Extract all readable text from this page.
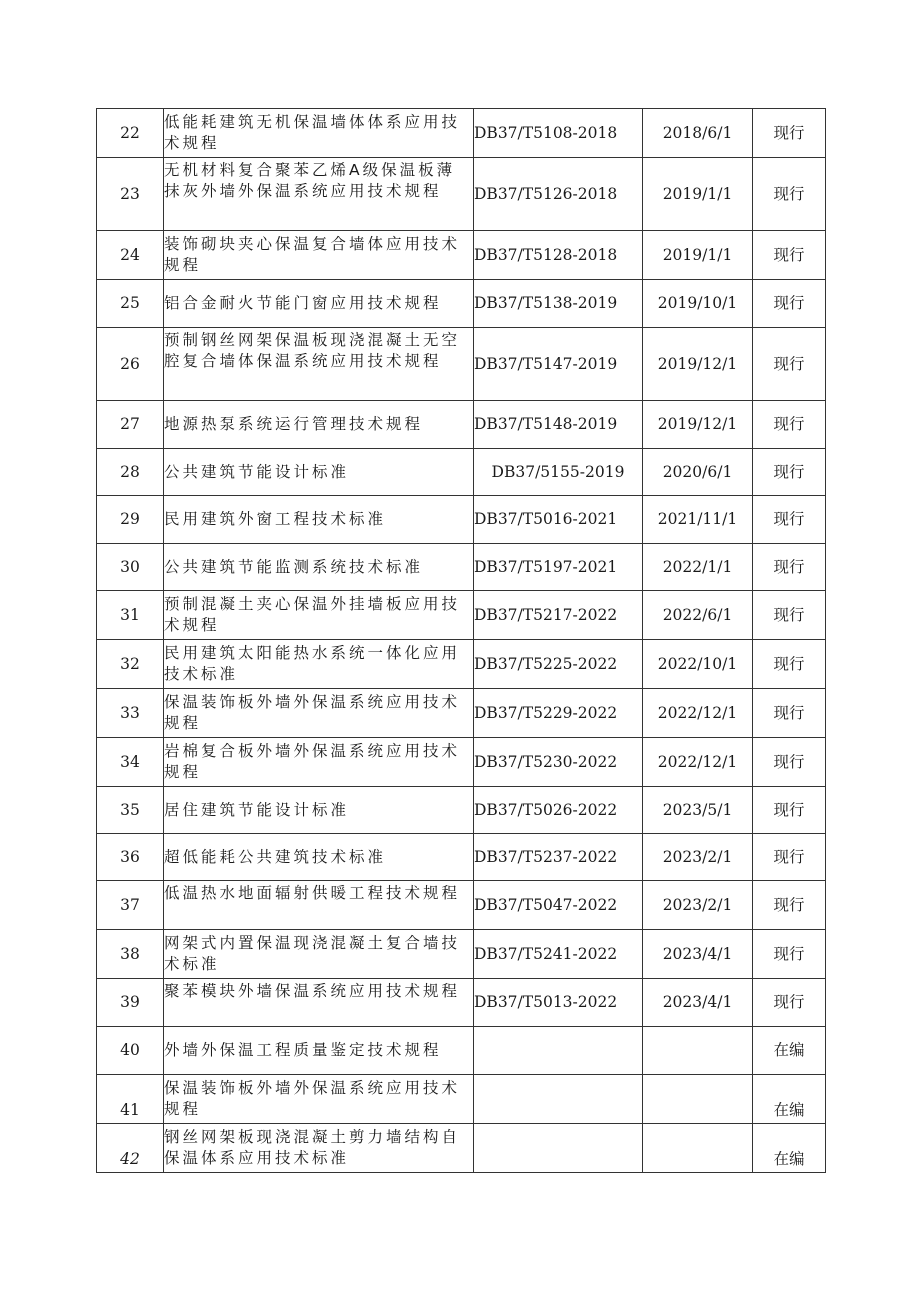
22	低能耗建筑无机保温墙体体系应用技术规程	DB37/T5108-2018	2018/6/1	现行
23	无机材料复合聚苯乙烯A级保温板薄抹灰外墙外保温系统应用技术规程	DB37/T5126-2018	2019/1/1	现行
24	装饰砌块夹心保温复合墙体应用技术规程	DB37/T5128-2018	2019/1/1	现行
25	铝合金耐火节能门窗应用技术规程	DB37/T5138-2019	2019/10/1	现行
26	预制钢丝网架保温板现浇混凝土无空腔复合墙体保温系统应用技术规程	DB37/T5147-2019	2019/12/1	现行
27	地源热泵系统运行管理技术规程	DB37/T5148-2019	2019/12/1	现行
28	公共建筑节能设计标准	DB37/5155-2019	2020/6/1	现行
29	民用建筑外窗工程技术标准	DB37/T5016-2021	2021/11/1	现行
30	公共建筑节能监测系统技术标准	DB37/T5197-2021	2022/1/1	现行
31	预制混凝土夹心保温外挂墙板应用技术规程	DB37/T5217-2022	2022/6/1	现行
32	民用建筑太阳能热水系统一体化应用技术标准	DB37/T5225-2022	2022/10/1	现行
33	保温装饰板外墙外保温系统应用技术规程	DB37/T5229-2022	2022/12/1	现行
34	岩棉复合板外墙外保温系统应用技术规程	DB37/T5230-2022	2022/12/1	现行
35	居住建筑节能设计标准	DB37/T5026-2022	2023/5/1	现行
36	超低能耗公共建筑技术标准	DB37/T5237-2022	2023/2/1	现行
37	低温热水地面辐射供暖工程技术规程	DB37/T5047-2022	2023/2/1	现行
38	网架式内置保温现浇混凝土复合墙技术标准	DB37/T5241-2022	2023/4/1	现行
39	聚苯模块外墙保温系统应用技术规程	DB37/T5013-2022	2023/4/1	现行
40	外墙外保温工程质量鉴定技术规程			在编
41	保温装饰板外墙外保温系统应用技术规程			在编
42	钢丝网架板现浇混凝土剪力墙结构自保温体系应用技术标准			在编
